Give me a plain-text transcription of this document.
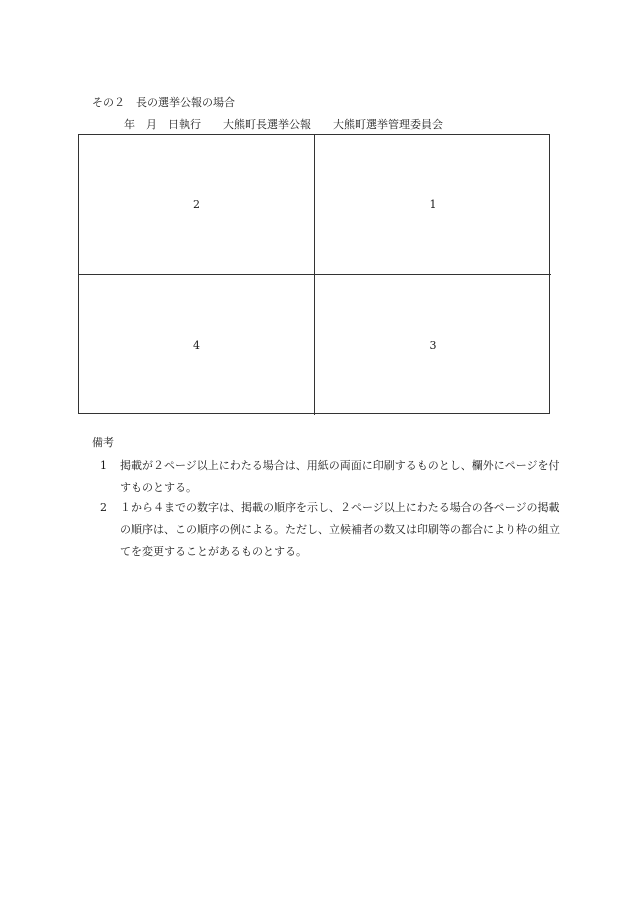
その２　長の選挙公報の場合
年　月　日執行 大熊町長選挙公報 大熊町選挙管理委員会
2	1
4	3
備考
1	掲載が２ページ以上にわたる場合は、用紙の両面に印刷するものとし、欄外にページを付すものとする。
2	１から４までの数字は、掲載の順序を示し、２ページ以上にわたる場合の各ページの掲載の順序は、この順序の例による。ただし、立候補者の数又は印刷等の都合により枠の組立てを変更することがあるものとする。
